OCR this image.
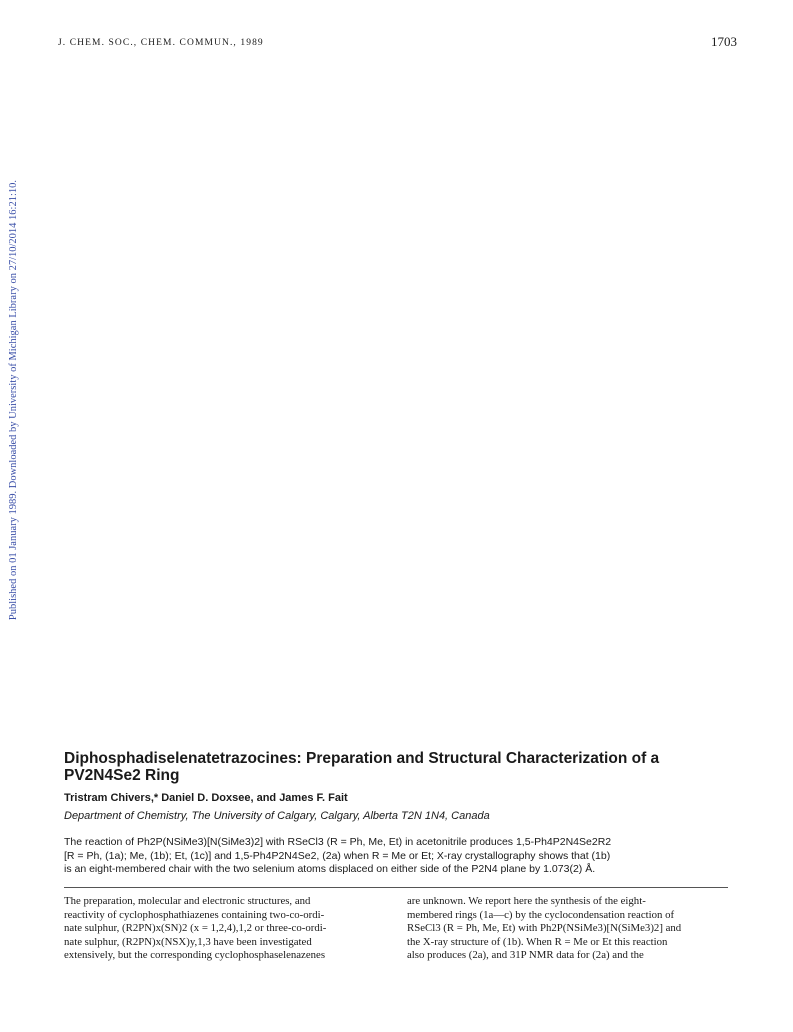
J. CHEM. SOC., CHEM. COMMUN., 1989	1703
Published on 01 January 1989. Downloaded by University of Michigan Library on 27/10/2014 16:21:10.
Diphosphadiselenatetrazocines: Preparation and Structural Characterization of a
PV2N4Se2 Ring
Tristram Chivers,* Daniel D. Doxsee, and James F. Fait
Department of Chemistry, The University of Calgary, Calgary, Alberta T2N 1N4, Canada
The reaction of Ph2P(NSiMe3)[N(SiMe3)2] with RSeCl3 (R = Ph, Me, Et) in acetonitrile produces 1,5-Ph4P2N4Se2R2
[R = Ph, (1a); Me, (1b); Et, (1c)] and 1,5-Ph4P2N4Se2, (2a) when R = Me or Et; X-ray crystallography shows that (1b)
is an eight-membered chair with the two selenium atoms displaced on either side of the P2N4 plane by 1.073(2) Å.
The preparation, molecular and electronic structures, and
reactivity of cyclophosphathiazenes containing two-co-ordi-
nate sulphur, (R2PN)x(SN)2 (x = 1,2,4),1,2 or three-co-ordi-
nate sulphur, (R2PN)x(NSX)y,1,3 have been investigated
extensively, but the corresponding cyclophosphaselenazenes
are unknown. We report here the synthesis of the eight-
membered rings (1a—c) by the cyclocondensation reaction of
RSeCl3 (R = Ph, Me, Et) with Ph2P(NSiMe3)[N(SiMe3)2] and
the X-ray structure of (1b). When R = Me or Et this reaction
also produces (2a), and 31P NMR data for (2a) and the
